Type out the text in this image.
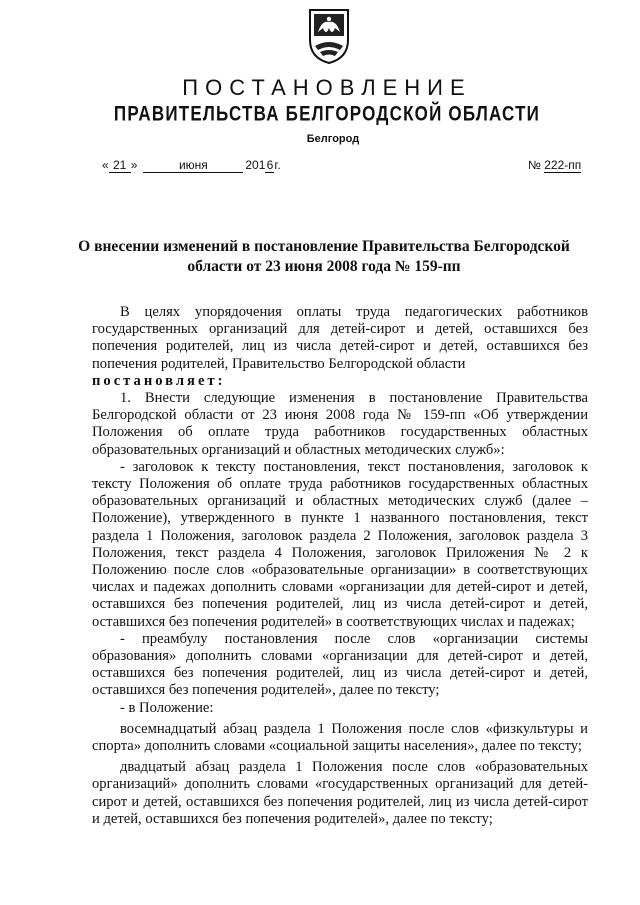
ПОСТАНОВЛЕНИЕ
ПРАВИТЕЛЬСТВА БЕЛГОРОДСКОЙ ОБЛАСТИ
Белгород
« 21 »	июня	2016г.	№ 222-пп
О внесении изменений в постановление Правительства Белгородской области от 23 июня 2008 года № 159-пп

В целях упорядочения оплаты труда педагогических работников государственных организаций для детей-сирот и детей, оставшихся без попечения родителей, лиц из числа детей-сирот и детей, оставшихся без попечения родителей, Правительство Белгородской области

постановляет:

1. Внести следующие изменения в постановление Правительства Белгородской области от 23 июня 2008 года № 159-пп «Об утверждении Положения об оплате труда работников государственных областных образовательных организаций и областных методических служб»:

- заголовок к тексту постановления, текст постановления, заголовок к тексту Положения об оплате труда работников государственных областных образовательных организаций и областных методических служб (далее – Положение), утвержденного в пункте 1 названного постановления, текст раздела 1 Положения, заголовок раздела 2 Положения, заголовок раздела 3 Положения, текст раздела 4 Положения, заголовок Приложения № 2 к Положению после слов «образовательные организации» в соответствующих числах и падежах дополнить словами «организации для детей-сирот и детей, оставшихся без попечения родителей, лиц из числа детей-сирот и детей, оставшихся без попечения родителей» в соответствующих числах и падежах;

- преамбулу постановления после слов «организации системы образования» дополнить словами «организации для детей-сирот и детей, оставшихся без попечения родителей, лиц из числа детей-сирот и детей, оставшихся без попечения родителей», далее по тексту;

- в Положение:

восемнадцатый абзац раздела 1 Положения после слов «физкультуры и спорта» дополнить словами «социальной защиты населения», далее по тексту;

двадцатый абзац раздела 1 Положения после слов «образовательных организаций» дополнить словами «государственных организаций для детей-сирот и детей, оставшихся без попечения родителей, лиц из числа детей-сирот и детей, оставшихся без попечения родителей», далее по тексту;
